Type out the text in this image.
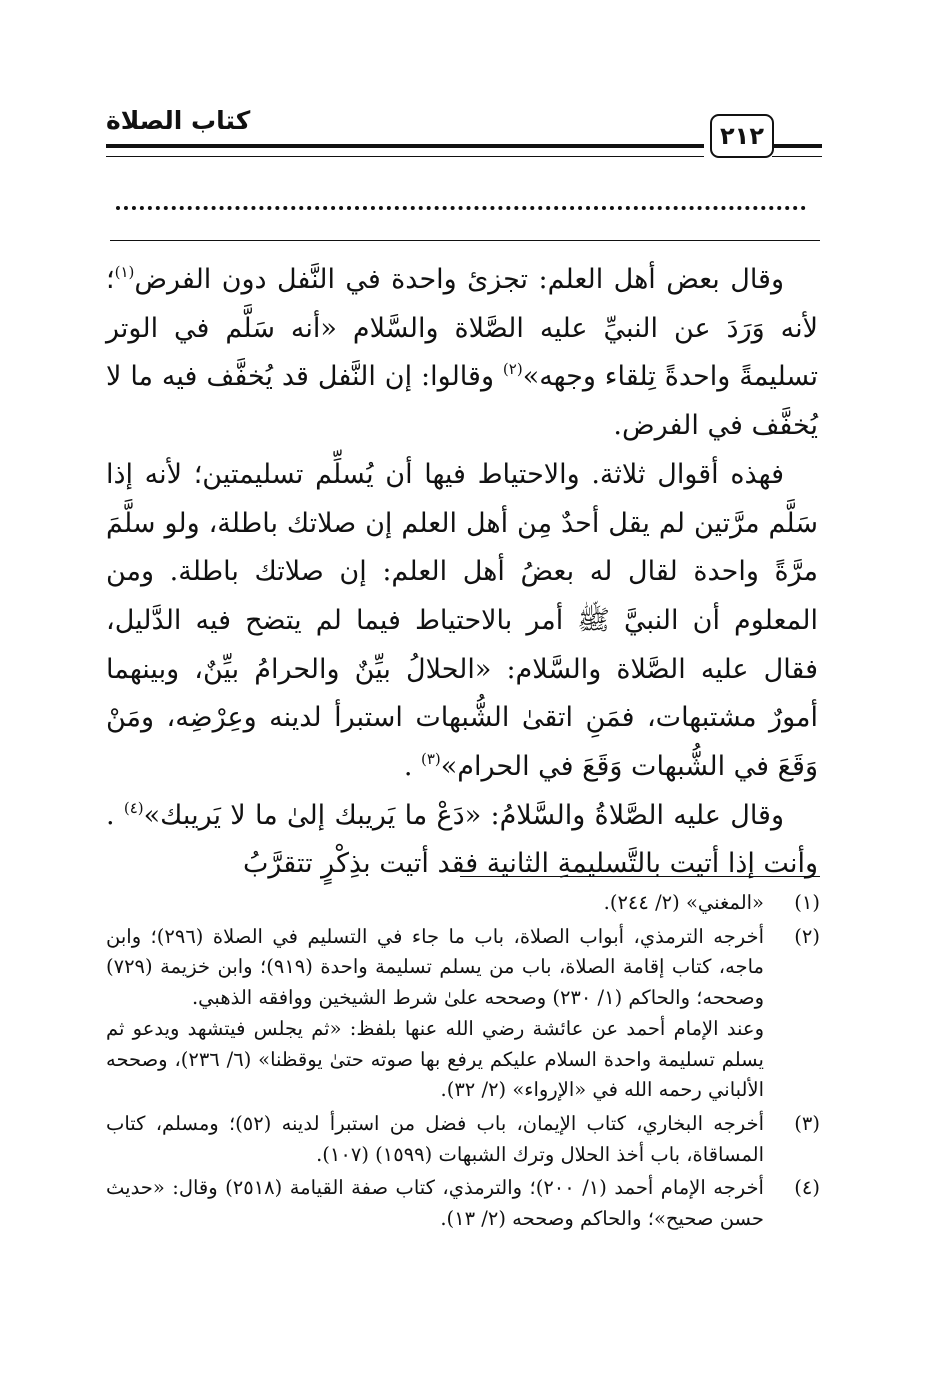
كتاب الصلاة
٢١٢

وقال بعض أهل العلم: تجزئ واحدة في النَّفل دون الفرض$^{(١)}$؛ لأنه وَرَدَ عن النبيِّ عليه الصَّلاة والسَّلام «أنه سَلَّم في الوتر تسليمةً واحدةً تِلقاء وجهه»$^{(٢)}$ وقالوا: إن النَّفل قد يُخفَّف فيه ما لا يُخفَّف في الفرض.

فهذه أقوال ثلاثة. والاحتياط فيها أن يُسلِّم تسليمتين؛ لأنه إذا سَلَّم مرَّتين لم يقل أحدٌ مِن أهل العلم إن صلاتك باطلة، ولو سلَّمَ مرَّةً واحدة لقال له بعضُ أهل العلم: إن صلاتك باطلة. ومن المعلوم أن النبيَّ ﷺ أمر بالاحتياط فيما لم يتضح فيه الدَّليل، فقال عليه الصَّلاة والسَّلام: «الحلالُ بيِّنٌ والحرامُ بيِّنٌ، وبينهما أمورٌ مشتبهات، فمَنِ اتقىٰ الشُّبهات استبرأ لدينه وعِرْضِه، ومَنْ وَقَعَ في الشُّبهات وَقَعَ في الحرام»$^{(٣)}$ .

وقال عليه الصَّلاةُ والسَّلامُ: «دَعْ ما يَريبك إلىٰ ما لا يَريبك»$^{(٤)}$ . وأنت إذا أتيت بالتَّسليمةِ الثانية فقد أتيت بذِكْرٍ تتقرَّبُ

(١)

«المغني» (٢/ ٢٤٤).

(٢)

أخرجه الترمذي، أبواب الصلاة، باب ما جاء في التسليم في الصلاة (٢٩٦)؛ وابن ماجه، كتاب إقامة الصلاة، باب من يسلم تسليمة واحدة (٩١٩)؛ وابن خزيمة (٧٢٩) وصححه؛ والحاكم (١/ ٢٣٠) وصححه علىٰ شرط الشيخين ووافقه الذهبي.

وعند الإمام أحمد عن عائشة رضي الله عنها بلفظ: «ثم يجلس فيتشهد ويدعو ثم يسلم تسليمة واحدة السلام عليكم يرفع بها صوته حتىٰ يوقظنا» (٦/ ٢٣٦)، وصححه الألباني رحمه الله في «الإرواء» (٢/ ٣٢).

(٣)

أخرجه البخاري، كتاب الإيمان، باب فضل من استبرأ لدينه (٥٢)؛ ومسلم، كتاب المساقاة، باب أخذ الحلال وترك الشبهات (١٥٩٩) (١٠٧).

(٤)

أخرجه الإمام أحمد (١/ ٢٠٠)؛ والترمذي، كتاب صفة القيامة (٢٥١٨) وقال: «حديث حسن صحيح»؛ والحاكم وصححه (٢/ ١٣).
